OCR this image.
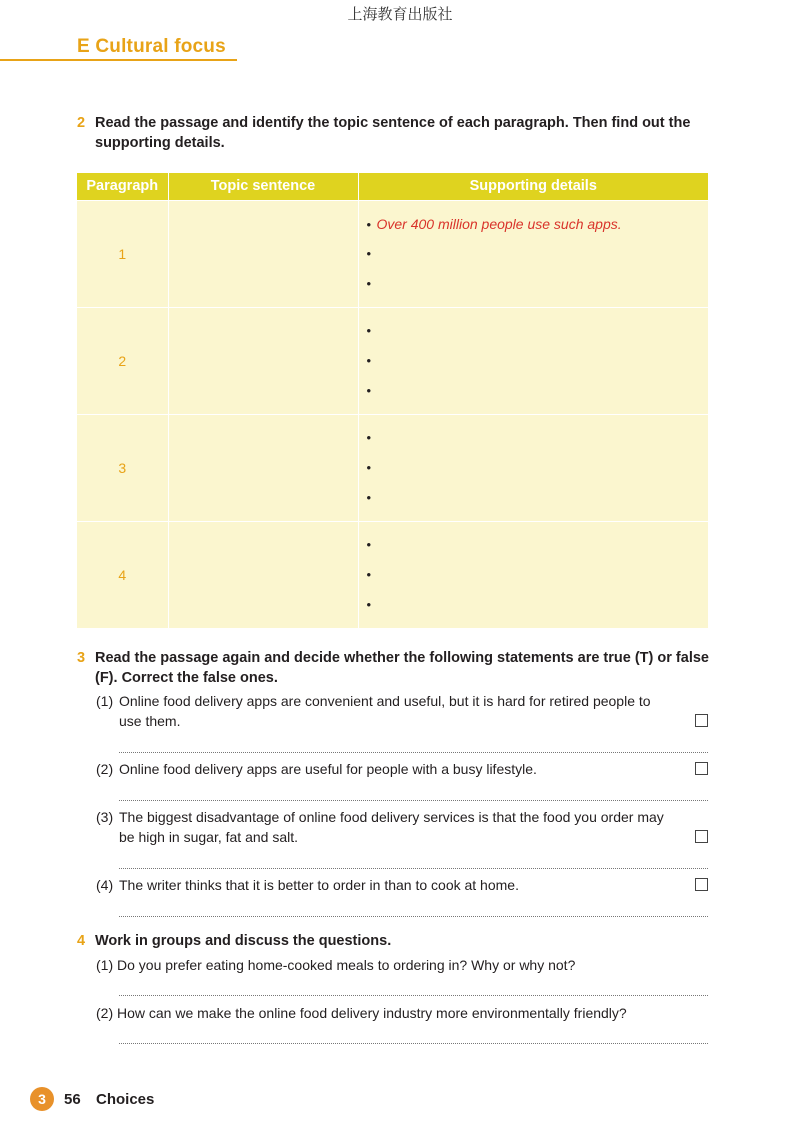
上海教育出版社
E Cultural focus
2 Read the passage and identify the topic sentence of each paragraph. Then find out the supporting details.
Paragraph	Topic sentence	Supporting details
1		• Over 400 million people use such apps.
•
•

2		•
•
•

3		•
•
•

4		•
•
•
3 Read the passage again and decide whether the following statements are true (T) or false (F). Correct the false ones.
(1) Online food delivery apps are convenient and useful, but it is hard for retired people to use them.
(2) Online food delivery apps are useful for people with a busy lifestyle.
(3) The biggest disadvantage of online food delivery services is that the food you order may be high in sugar, fat and salt.
(4) The writer thinks that it is better to order in than to cook at home.
4 Work in groups and discuss the questions.
(1) Do you prefer eating home-cooked meals to ordering in? Why or why not?
(2) How can we make the online food delivery industry more environmentally friendly?
3	56 Choices
